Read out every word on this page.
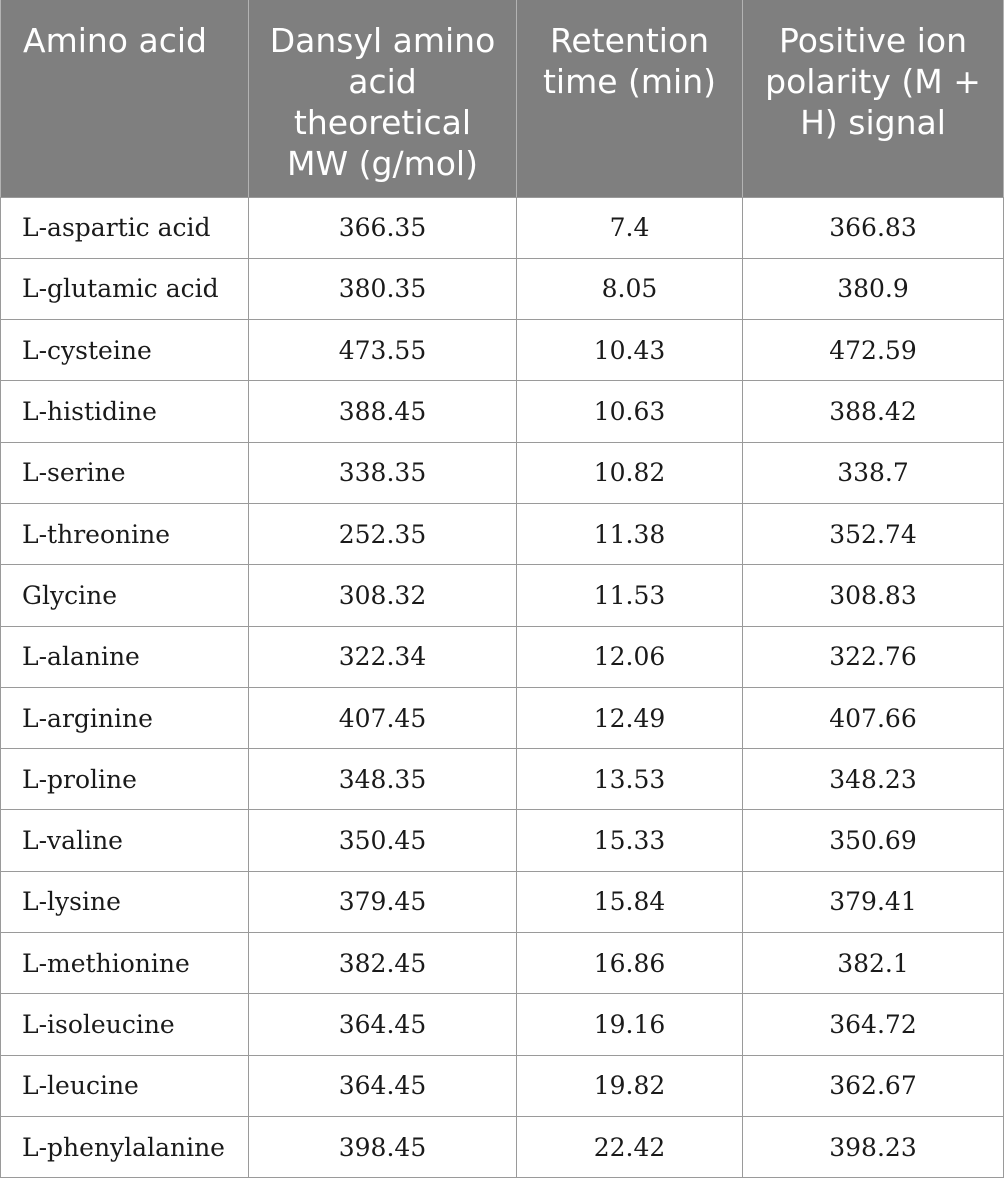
Amino acid	Dansyl amino acid theoretical MW (g/mol)	Retention time (min)	Positive ion polarity (M + H) signal
L-aspartic acid	366.35	7.4	366.83
L-glutamic acid	380.35	8.05	380.9
L-cysteine	473.55	10.43	472.59
L-histidine	388.45	10.63	388.42
L-serine	338.35	10.82	338.7
L-threonine	252.35	11.38	352.74
Glycine	308.32	11.53	308.83
L-alanine	322.34	12.06	322.76
L-arginine	407.45	12.49	407.66
L-proline	348.35	13.53	348.23
L-valine	350.45	15.33	350.69
L-lysine	379.45	15.84	379.41
L-methionine	382.45	16.86	382.1
L-isoleucine	364.45	19.16	364.72
L-leucine	364.45	19.82	362.67
L-phenylalanine	398.45	22.42	398.23
